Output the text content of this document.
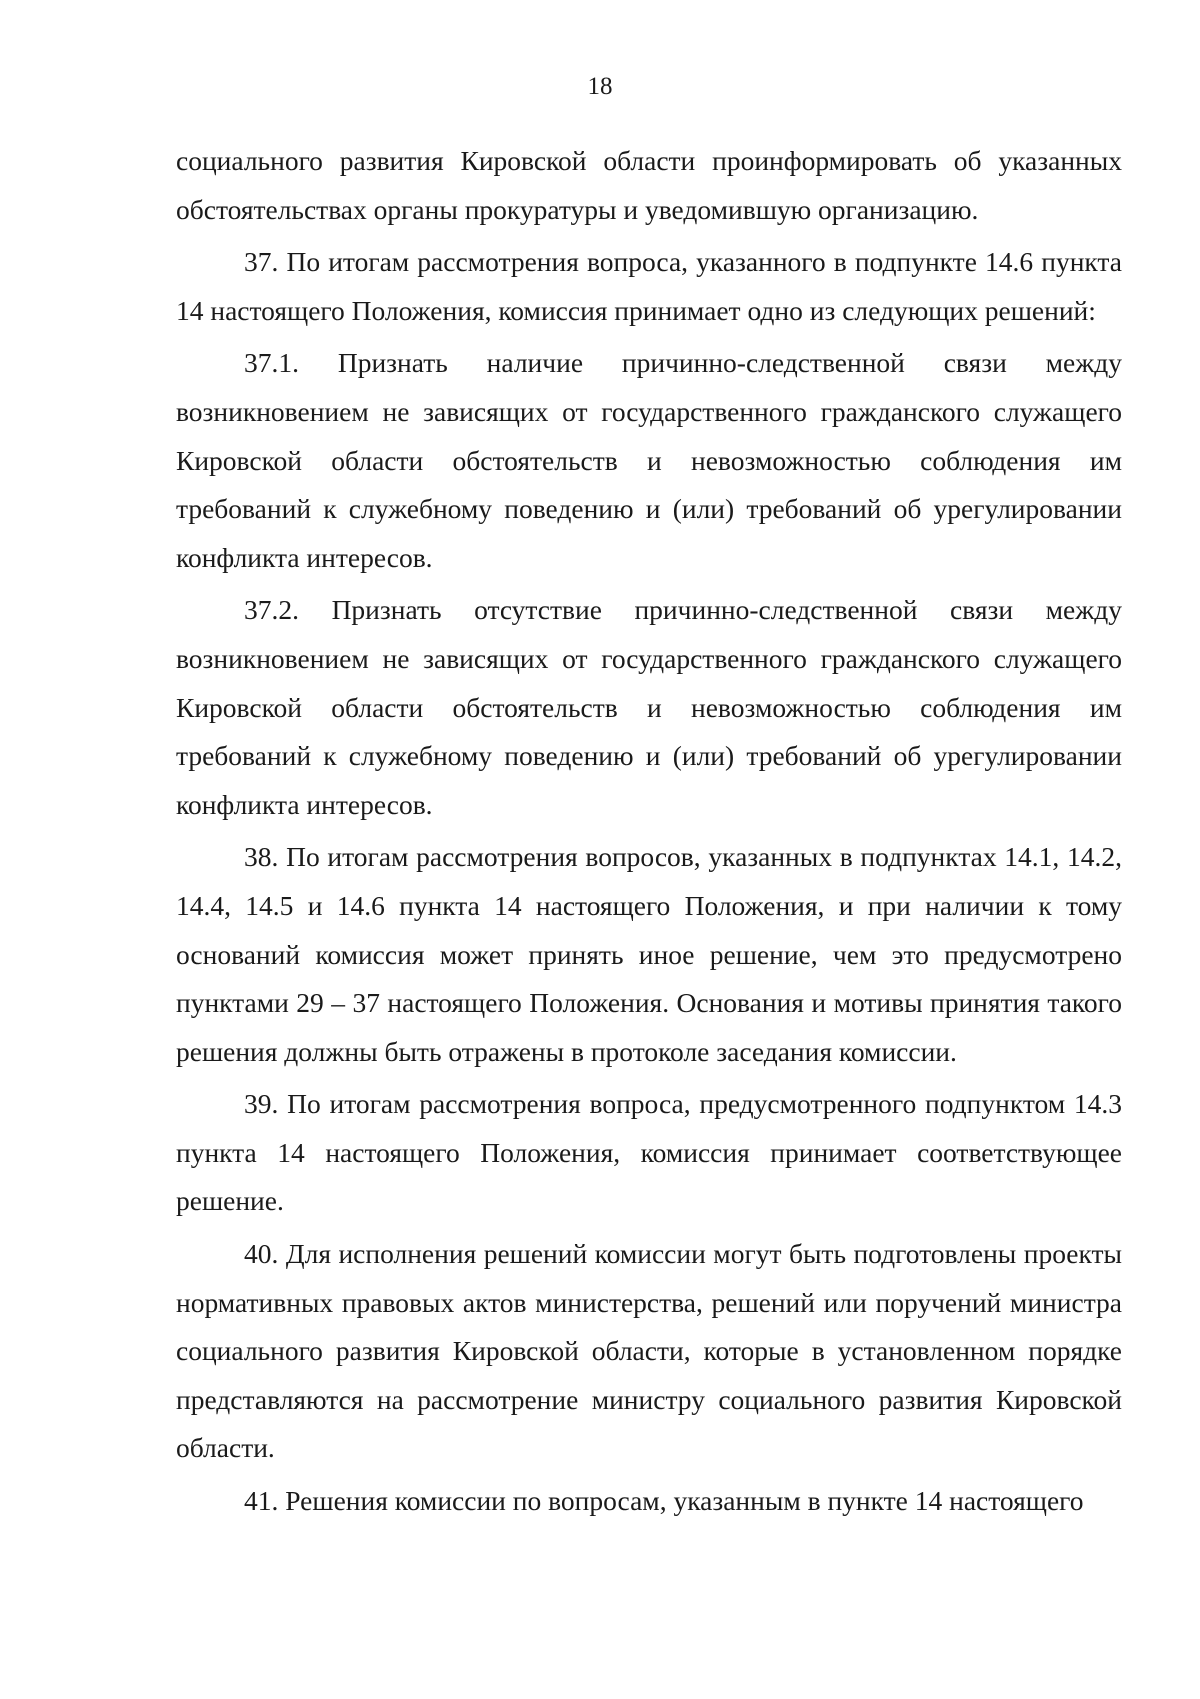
18

социального развития Кировской области проинформировать об указанных обстоятельствах органы прокуратуры и уведомившую организацию.

37. По итогам рассмотрения вопроса, указанного в подпункте 14.6 пункта 14 настоящего Положения, комиссия принимает одно из следующих решений:

37.1. Признать наличие причинно-следственной связи между возникновением не зависящих от государственного гражданского служащего Кировской области обстоятельств и невозможностью соблюдения им требований к служебному поведению и (или) требований об урегулировании конфликта интересов.

37.2. Признать отсутствие причинно-следственной связи между возникновением не зависящих от государственного гражданского служащего Кировской области обстоятельств и невозможностью соблюдения им требований к служебному поведению и (или) требований об урегулировании конфликта интересов.

38. По итогам рассмотрения вопросов, указанных в подпунктах 14.1, 14.2, 14.4, 14.5 и 14.6 пункта 14 настоящего Положения, и при наличии к тому оснований комиссия может принять иное решение, чем это предусмотрено пунктами 29 – 37 настоящего Положения. Основания и мотивы принятия такого решения должны быть отражены в протоколе заседания комиссии.

39. По итогам рассмотрения вопроса, предусмотренного подпунктом 14.3 пункта 14 настоящего Положения, комиссия принимает соответствующее решение.

40. Для исполнения решений комиссии могут быть подготовлены проекты нормативных правовых актов министерства, решений или поручений министра социального развития Кировской области, которые в установленном порядке представляются на рассмотрение министру социального развития Кировской области.

41. Решения комиссии по вопросам, указанным в пункте 14 настоящего
